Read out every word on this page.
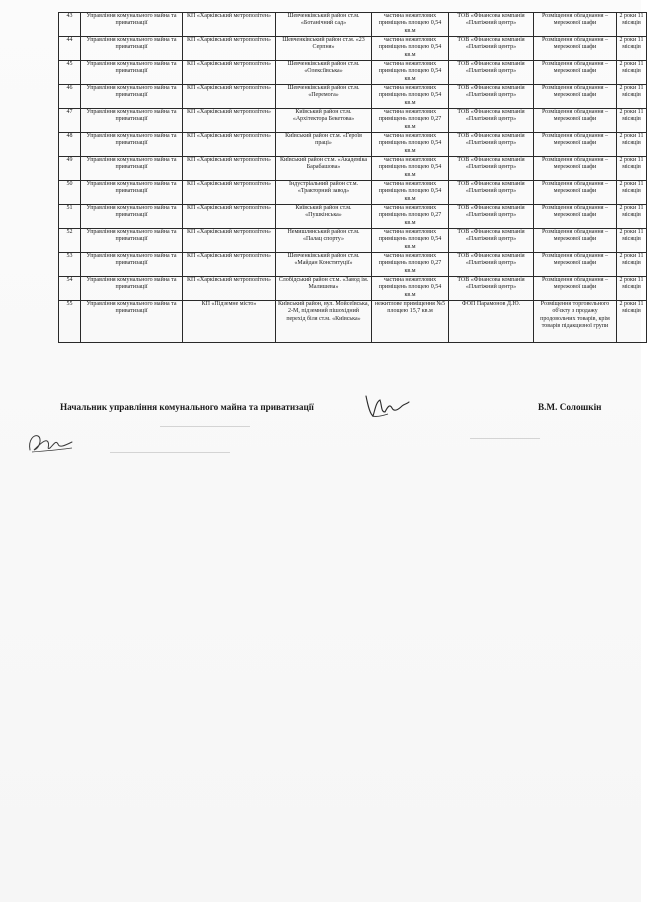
43	Управління комунального майна та приватизації	КП «Харківський метрополітен»	Шевченківський район ст.м. «Ботанічний сад»	частина нежитлових приміщень площею 0,54 кв.м	ТОВ «Фінансова компанія «Платіжний центр»	Розміщення обладнання – мережової шафи	2 роки 11 місяців
44	Управління комунального майна та приватизації	КП «Харківський метрополітен»	Шевченківський район ст.м. «23 Серпня»	частина нежитлових приміщень площею 0,54 кв.м	ТОВ «Фінансова компанія «Платіжний центр»	Розміщення обладнання – мережової шафи	2 роки 11 місяців
45	Управління комунального майна та приватизації	КП «Харківський метрополітен»	Шевченківський район ст.м. «Олексіївська»	частина нежитлових приміщень площею 0,54 кв.м	ТОВ «Фінансова компанія «Платіжний центр»	Розміщення обладнання – мережової шафи	2 роки 11 місяців
46	Управління комунального майна та приватизації	КП «Харківський метрополітен»	Шевченківський район ст.м. «Перемога»	частина нежитлових приміщень площею 0,54 кв.м	ТОВ «Фінансова компанія «Платіжний центр»	Розміщення обладнання – мережової шафи	2 роки 11 місяців
47	Управління комунального майна та приватизації	КП «Харківський метрополітен»	Київський район ст.м. «Архітектора Бекетова»	частина нежитлових приміщень площею 0,27 кв.м	ТОВ «Фінансова компанія «Платіжний центр»	Розміщення обладнання – мережової шафи	2 роки 11 місяців
48	Управління комунального майна та приватизації	КП «Харківський метрополітен»	Київський район ст.м. «Героїв праці»	частина нежитлових приміщень площею 0,54 кв.м	ТОВ «Фінансова компанія «Платіжний центр»	Розміщення обладнання – мережової шафи	2 роки 11 місяців
49	Управління комунального майна та приватизації	КП «Харківський метрополітен»	Київський район ст.м. «Академіка Барабашова»	частина нежитлових приміщень площею 0,54 кв.м	ТОВ «Фінансова компанія «Платіжний центр»	Розміщення обладнання – мережової шафи	2 роки 11 місяців
50	Управління комунального майна та приватизації	КП «Харківський метрополітен»	Індустріальний район ст.м. «Тракторний завод»	частина нежитлових приміщень площею 0,54 кв.м	ТОВ «Фінансова компанія «Платіжний центр»	Розміщення обладнання – мережової шафи	2 роки 11 місяців
51	Управління комунального майна та приватизації	КП «Харківський метрополітен»	Київський район ст.м. «Пушкінська»	частина нежитлових приміщень площею 0,27 кв.м	ТОВ «Фінансова компанія «Платіжний центр»	Розміщення обладнання – мережової шафи	2 роки 11 місяців
52	Управління комунального майна та приватизації	КП «Харківський метрополітен»	Немишлянський район ст.м. «Палац спорту»	частина нежитлових приміщень площею 0,54 кв.м	ТОВ «Фінансова компанія «Платіжний центр»	Розміщення обладнання – мережової шафи	2 роки 11 місяців
53	Управління комунального майна та приватизації	КП «Харківський метрополітен»	Шевченківський район ст.м. «Майдан Конституції»	частина нежитлових приміщень площею 0,27 кв.м	ТОВ «Фінансова компанія «Платіжний центр»	Розміщення обладнання – мережової шафи	2 роки 11 місяців
54	Управління комунального майна та приватизації	КП «Харківський метрополітен»	Слобідський район ст.м. «Завод ім. Малишева»	частина нежитлових приміщень площею 0,54 кв.м	ТОВ «Фінансова компанія «Платіжний центр»	Розміщення обладнання – мережової шафи	2 роки 11 місяців
55	Управління комунального майна та приватизації	КП «Підземне місто»	Київський район, вул. Мойсеївська, 2-М, підземний пішохідний перехід біля ст.м. «Київська»	нежитлове приміщення №5 площею 15,7 кв.м	ФОП Парамонов Д.Ю.	Розміщення торговельного об'єкту з продажу продовольчих товарів, крім товарів підакцизної групи	2 роки 11 місяців
Начальник управління комунального майна та приватизації	В.М. Солошкін
